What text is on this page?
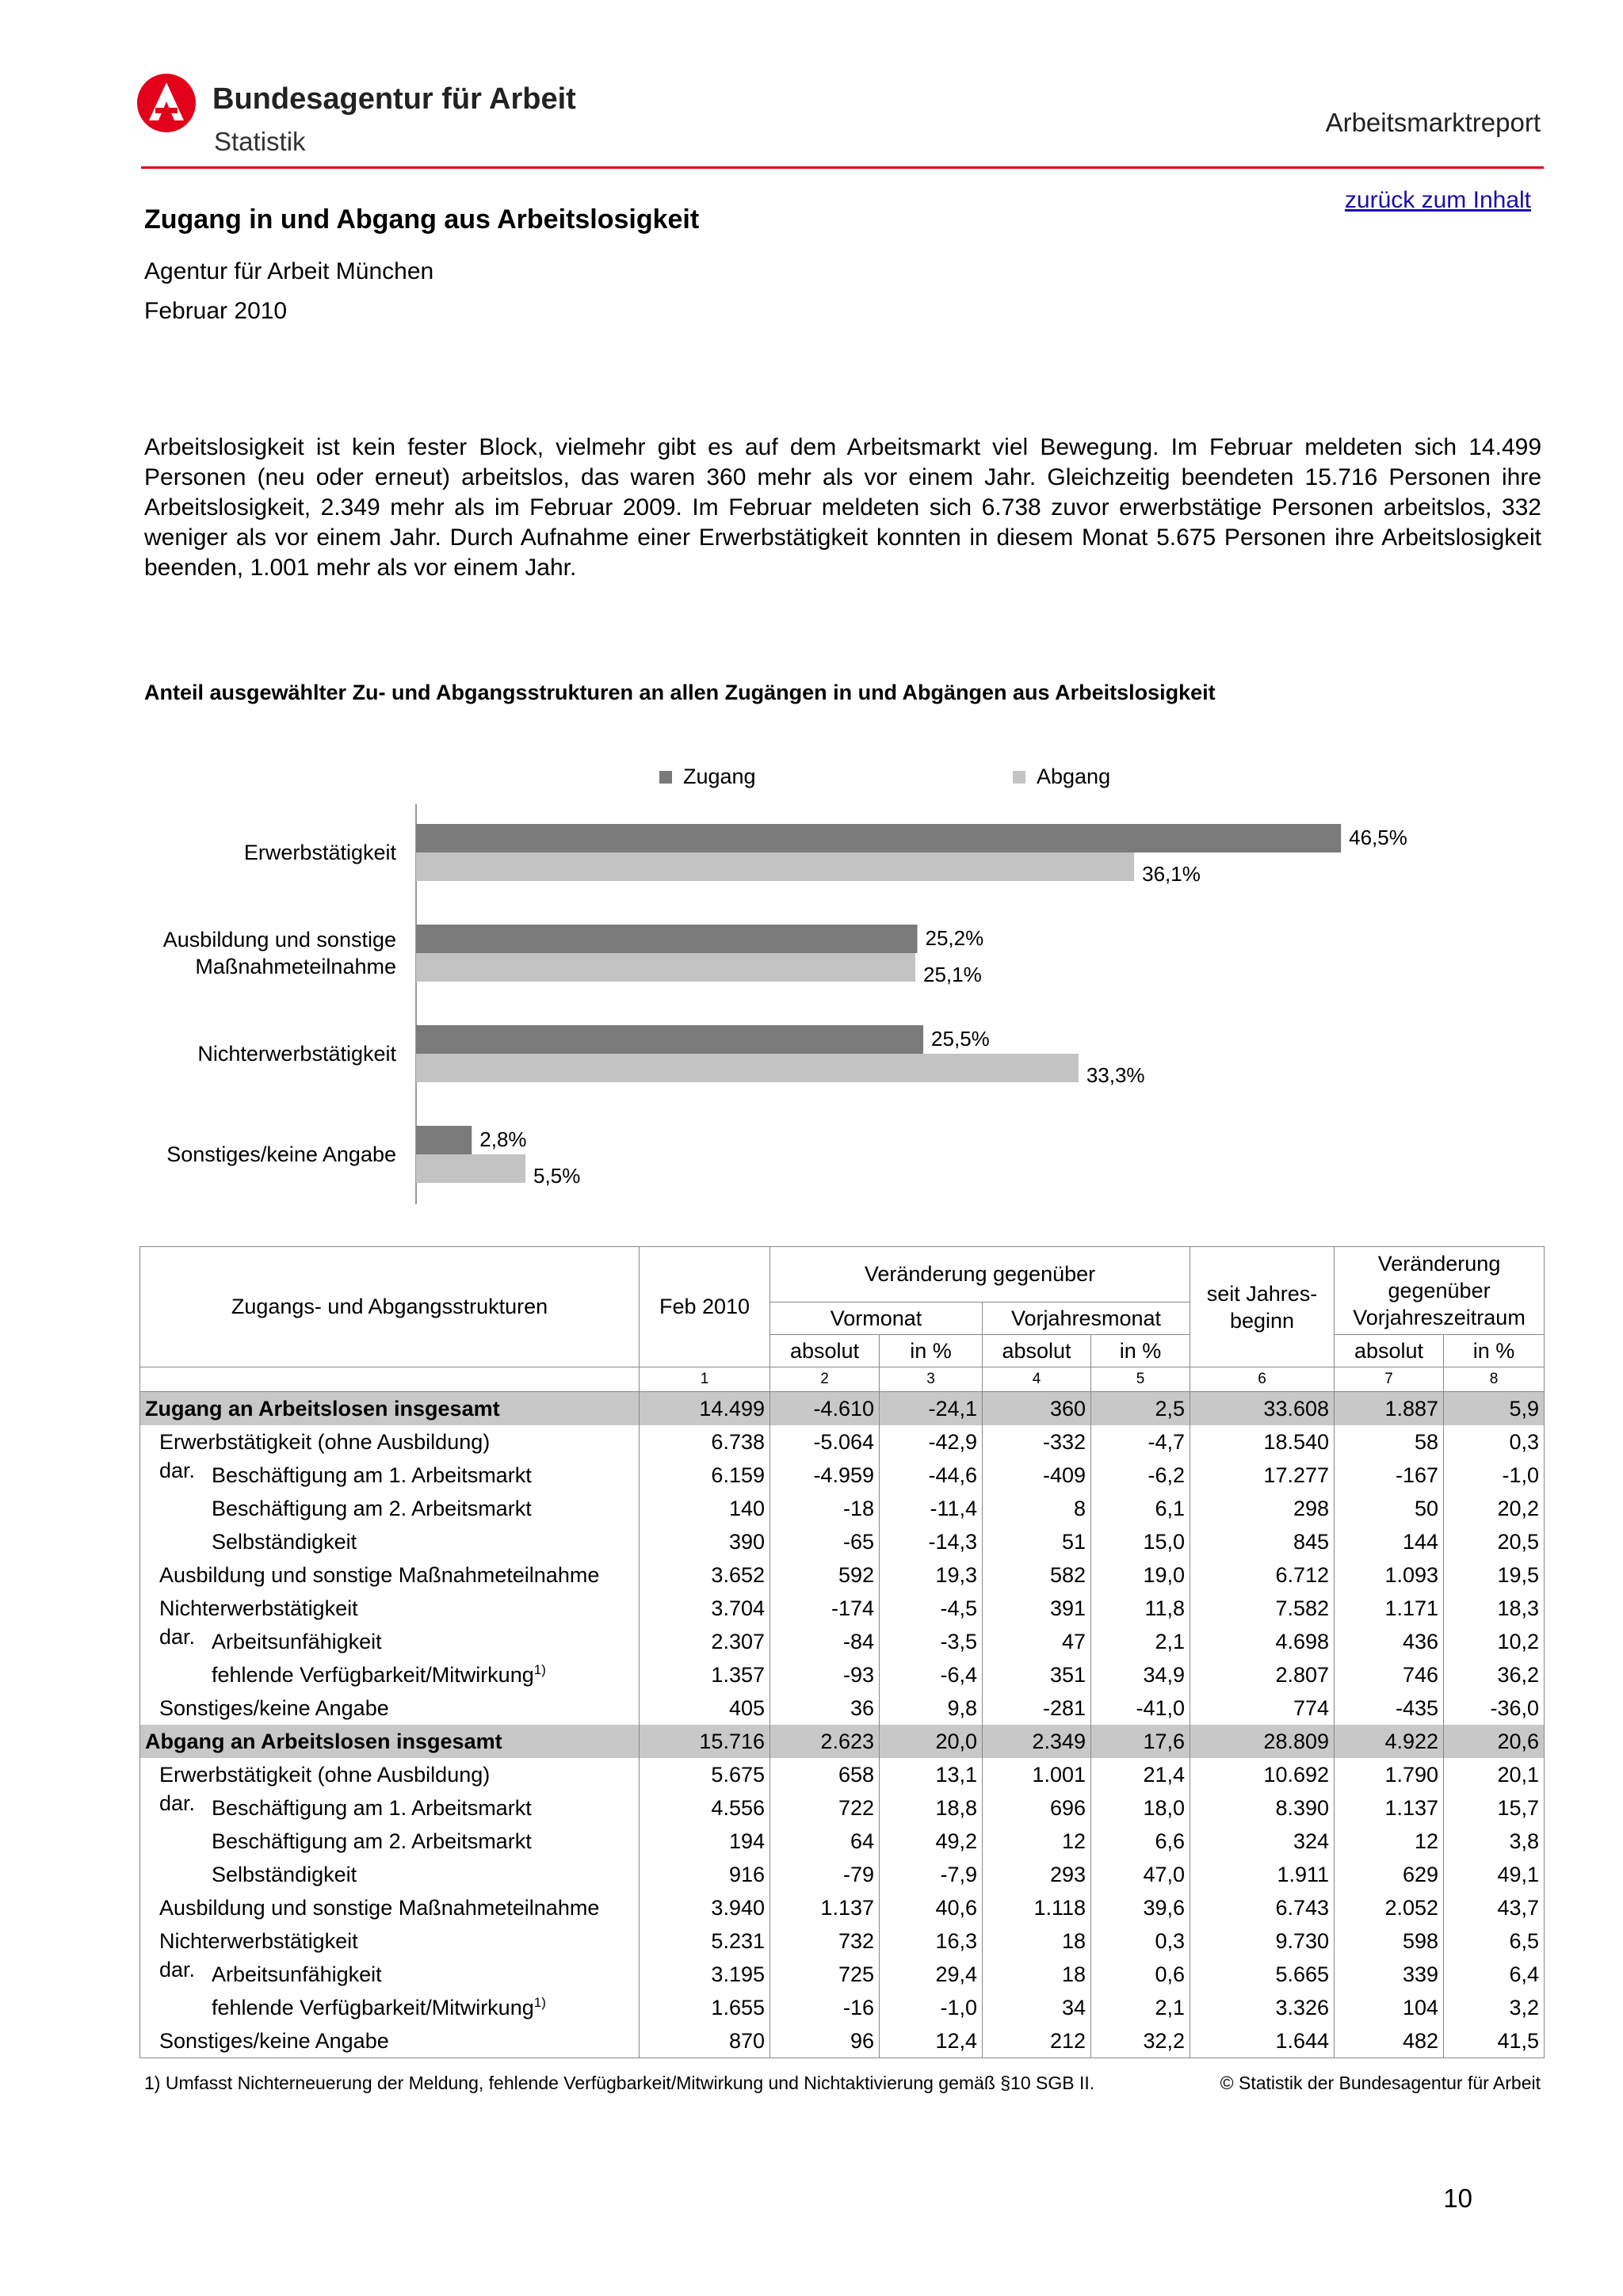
Bundesagentur für Arbeit
Statistik
Arbeitsmarktreport
zurück zum Inhalt
Zugang in und Abgang aus Arbeitslosigkeit
Agentur für Arbeit München
Februar 2010
Arbeitslosigkeit ist kein fester Block, vielmehr gibt es auf dem Arbeitsmarkt viel Bewegung. Im Februar meldeten sich 14.499 Personen (neu oder erneut) arbeitslos, das waren 360 mehr als vor einem Jahr. Gleichzeitig beendeten 15.716 Personen ihre Arbeitslosigkeit, 2.349 mehr als im Februar 2009. Im Februar meldeten sich 6.738 zuvor erwerbstätige Personen arbeitslos, 332 weniger als vor einem Jahr. Durch Aufnahme einer Erwerbstätigkeit konnten in diesem Monat 5.675 Personen ihre Arbeitslosigkeit beenden, 1.001 mehr als vor einem Jahr.
Anteil ausgewählter Zu- und Abgangsstrukturen an allen Zugängen in und Abgängen aus Arbeitslosigkeit
Zugang	Abgang
Erwerbstätigkeit
46,5%
36,1%
Ausbildung und sonstige
Maßnahmeteilnahme
25,2%
25,1%
Nichterwerbstätigkeit
25,5%
33,3%
Sonstiges/keine Angabe
2,8%
5,5%
Zugangs- und Abgangsstrukturen	Feb 2010	Veränderung gegenüber				seit Jahres- beginn	Veränderung gegenüber Vorjahreszeitraum	
		Vormonat		Vorjahresmonat				
		absolut	in %	absolut	in %		absolut	in %
	1	2	3	4	5	6	7	8
Zugang an Arbeitslosen insgesamt	14.499	-4.610	-24,1	360	2,5	33.608	1.887	5,9
Erwerbstätigkeit (ohne Ausbildung)	6.738	-5.064	-42,9	-332	-4,7	18.540	58	0,3

dar. Beschäftigung am 1. Arbeitsmarkt	6.159	-4.959	-44,6	-409	-6,2	17.277	-167	-1,0
Beschäftigung am 2. Arbeitsmarkt	140	-18	-11,4	8	6,1	298	50	20,2
Selbständigkeit	390	-65	-14,3	51	15,0	845	144	20,5
Ausbildung und sonstige Maßnahmeteilnahme	3.652	592	19,3	582	19,0	6.712	1.093	19,5
Nichterwerbstätigkeit	3.704	-174	-4,5	391	11,8	7.582	1.171	18,3

dar. Arbeitsunfähigkeit	2.307	-84	-3,5	47	2,1	4.698	436	10,2
fehlende Verfügbarkeit/Mitwirkung$^{1)}$	1.357	-93	-6,4	351	34,9	2.807	746	36,2
Sonstiges/keine Angabe	405	36	9,8	-281	-41,0	774	-435	-36,0
Abgang an Arbeitslosen insgesamt	15.716	2.623	20,0	2.349	17,6	28.809	4.922	20,6
Erwerbstätigkeit (ohne Ausbildung)	5.675	658	13,1	1.001	21,4	10.692	1.790	20,1

dar. Beschäftigung am 1. Arbeitsmarkt	4.556	722	18,8	696	18,0	8.390	1.137	15,7
Beschäftigung am 2. Arbeitsmarkt	194	64	49,2	12	6,6	324	12	3,8
Selbständigkeit	916	-79	-7,9	293	47,0	1.911	629	49,1
Ausbildung und sonstige Maßnahmeteilnahme	3.940	1.137	40,6	1.118	39,6	6.743	2.052	43,7
Nichterwerbstätigkeit	5.231	732	16,3	18	0,3	9.730	598	6,5

dar. Arbeitsunfähigkeit	3.195	725	29,4	18	0,6	5.665	339	6,4
fehlende Verfügbarkeit/Mitwirkung$^{1)}$	1.655	-16	-1,0	34	2,1	3.326	104	3,2
Sonstiges/keine Angabe	870	96	12,4	212	32,2	1.644	482	41,5
1) Umfasst Nichterneuerung der Meldung, fehlende Verfügbarkeit/Mitwirkung und Nichtaktivierung gemäß §10 SGB II.	© Statistik der Bundesagentur für Arbeit
10
